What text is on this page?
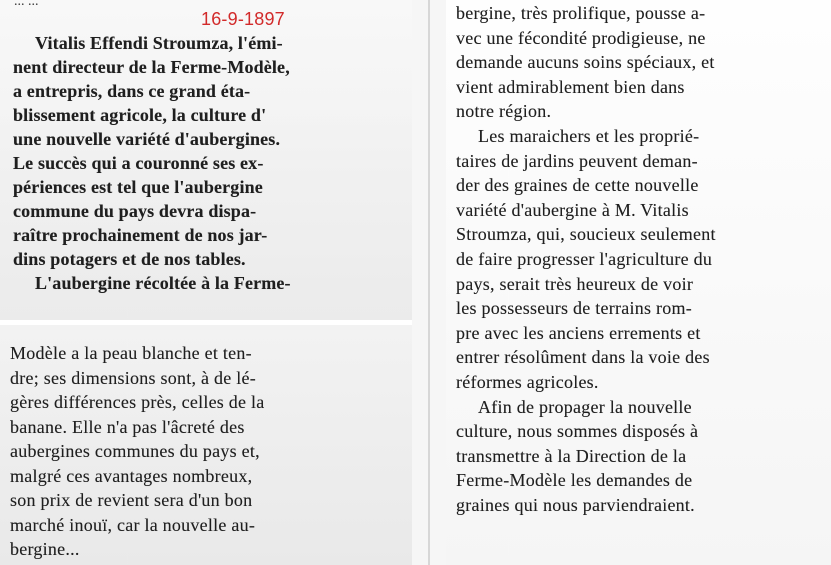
16-9-1897
Vitalis Effendi Stroumza, l'émi-
nent directeur de la Ferme-Modèle,
a entrepris, dans ce grand éta-
blissement agricole, la culture d'
une nouvelle variété d'aubergines.
Le succès qui a couronné ses ex-
périences est tel que l'aubergine
commune du pays devra dispa-
raître prochainement de nos jar-
dins potagers et de nos tables.
L'aubergine récoltée à la Ferme-
Modèle a la peau blanche et ten-
dre; ses dimensions sont, à de lé-
gères différences près, celles de la
banane. Elle n'a pas l'âcreté des
aubergines communes du pays et,
malgré ces avantages nombreux,
son prix de revient sera d'un bon
marché inouï, car la nouvelle au-
bergine...
bergine, très prolifique, pousse a-
vec une fécondité prodigieuse, ne
demande aucuns soins spéciaux, et
vient admirablement bien dans
notre région.
Les maraichers et les proprié-
taires de jardins peuvent deman-
der des graines de cette nouvelle
variété d'aubergine à M. Vitalis
Stroumza, qui, soucieux seulement
de faire progresser l'agriculture du
pays, serait très heureux de voir
les possesseurs de terrains rom-
pre avec les anciens errements et
entrer résolûment dans la voie des
réformes agricoles.
Afin de propager la nouvelle
culture, nous sommes disposés à
transmettre à la Direction de la
Ferme-Modèle les demandes de
graines qui nous parviendraient.
... ...
